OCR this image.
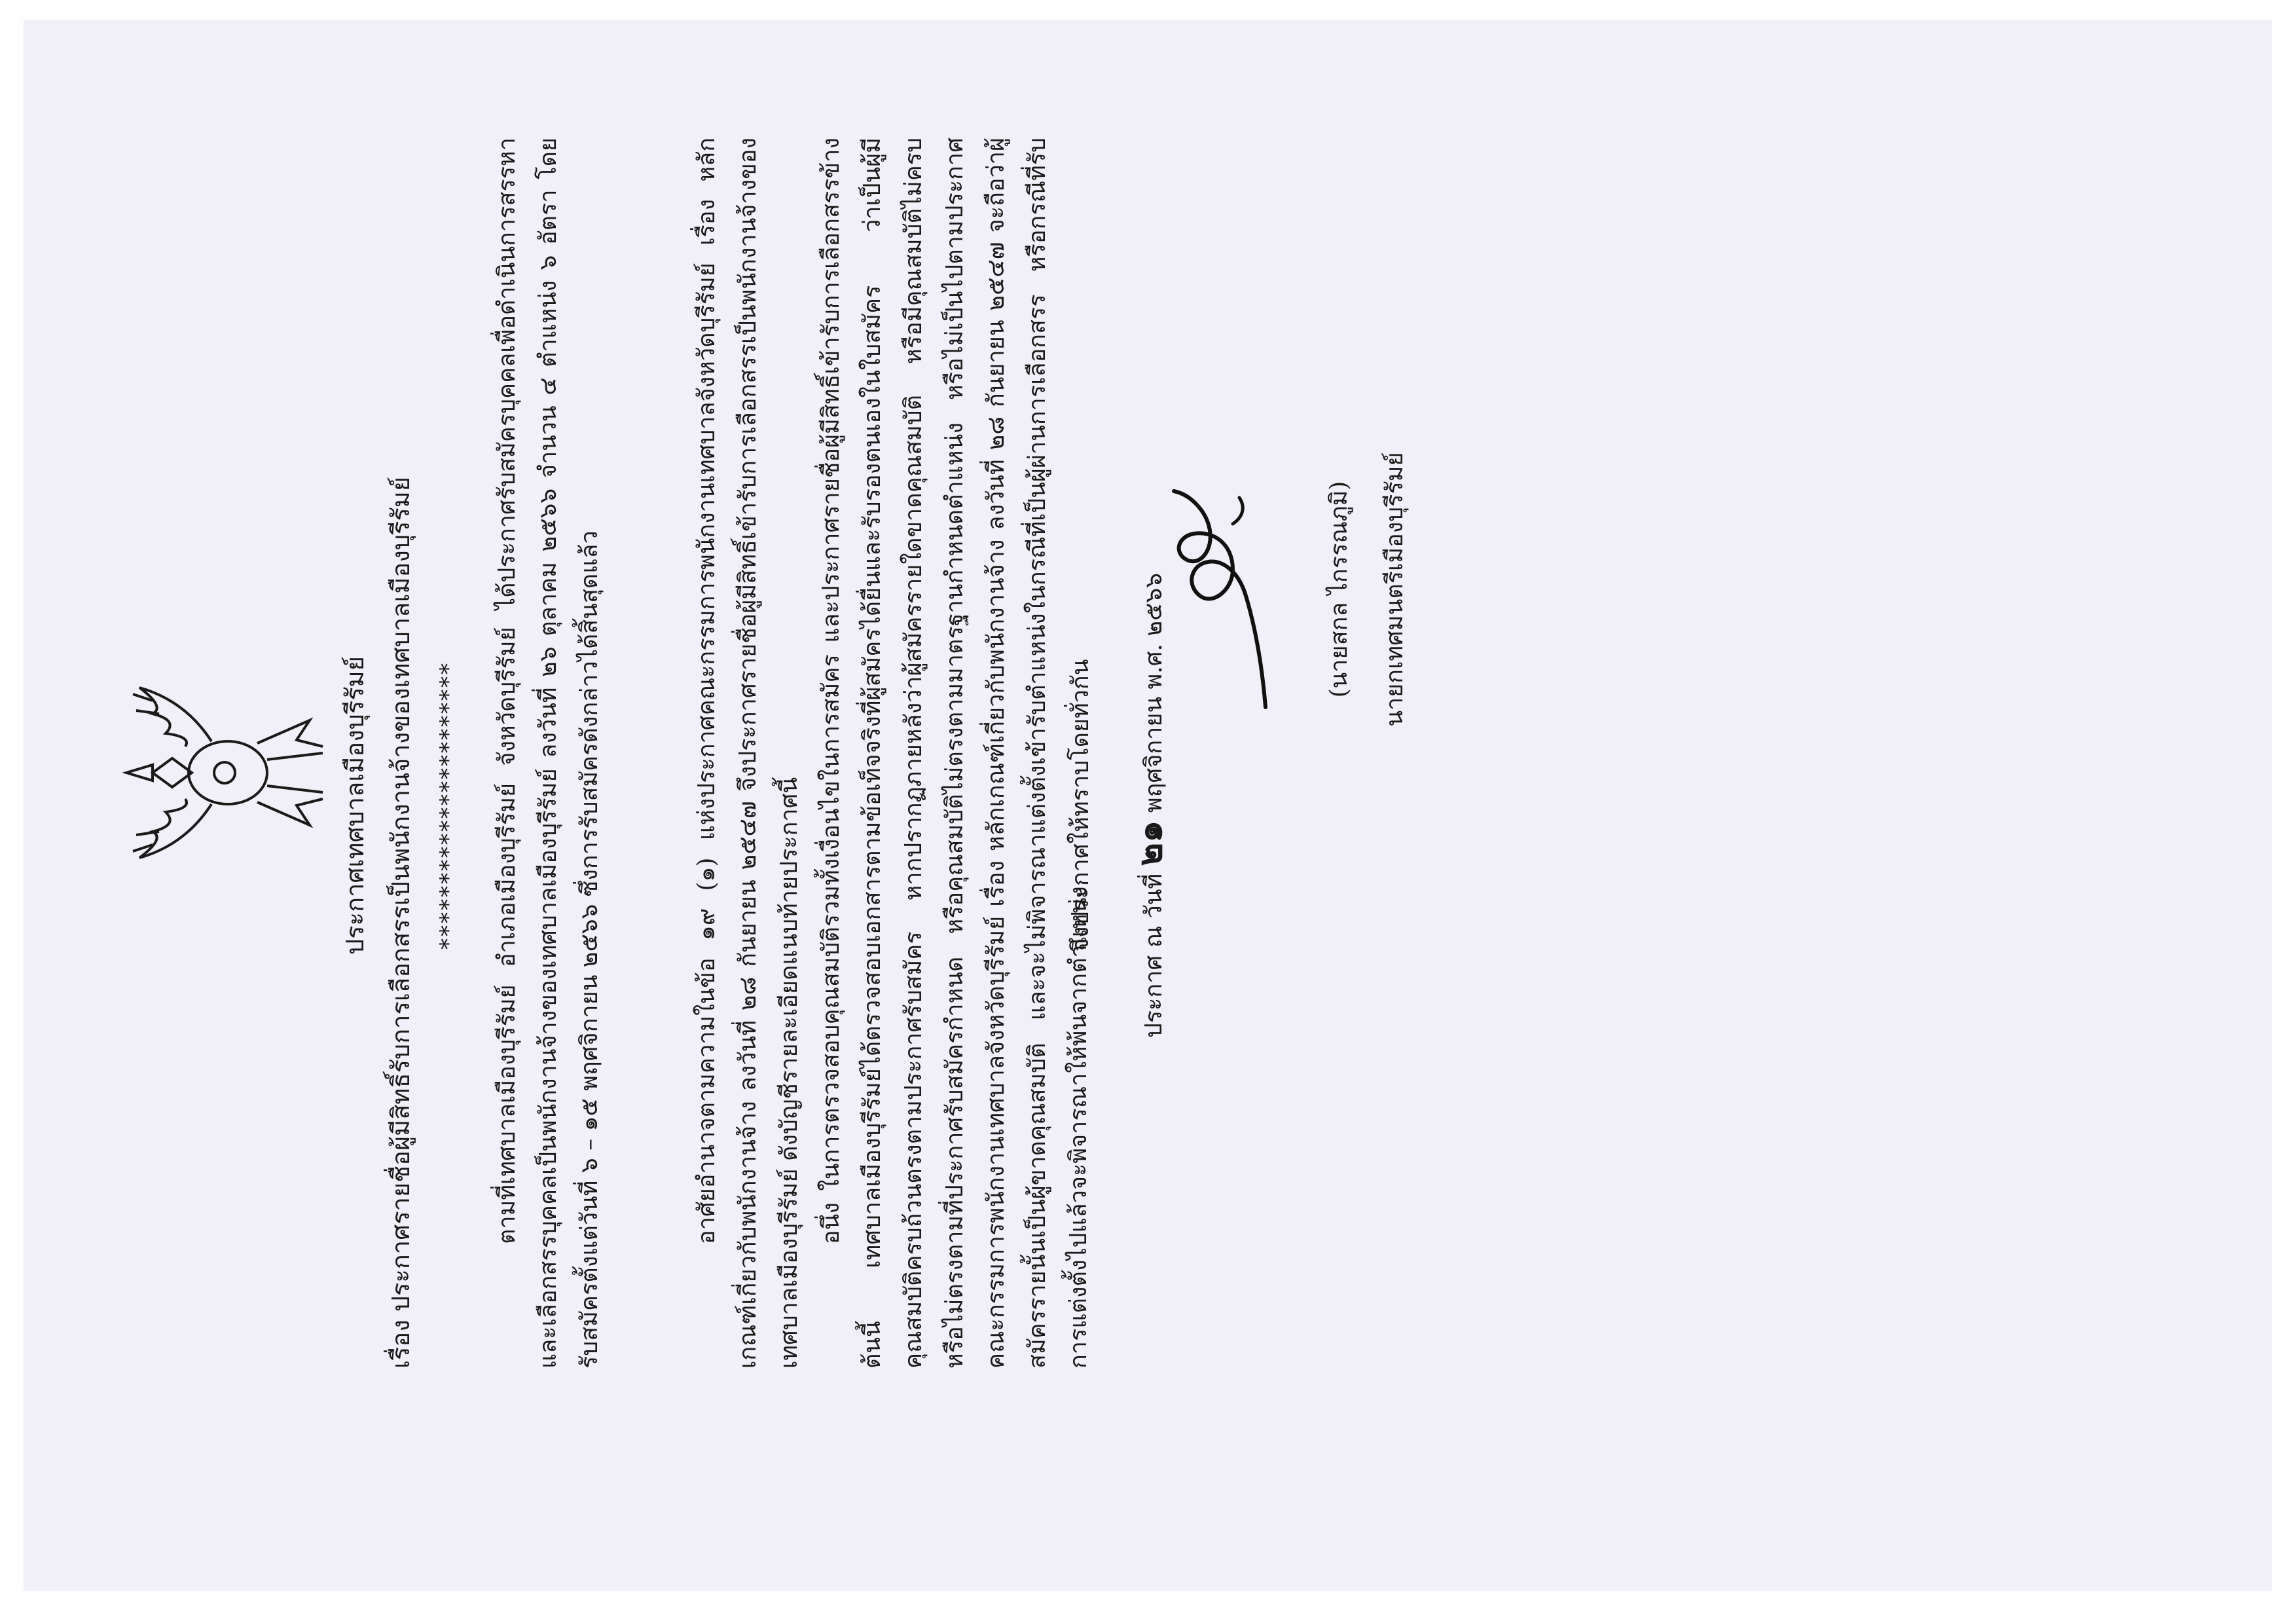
ประกาศเทศบาลเมืองบุรีรัมย์ เรื่อง ประกาศรายชื่อผู้มีสิทธิ์รับการเลือกสรรเป็นพนักงานจ้างของเทศบาลเมืองบุรีรัมย์ **********************	ตามที่เทศบาลเมืองบุรีรัมย์ อำเภอเมืองบุรีรัมย์ จังหวัดบุรีรัมย์ ได้ประกาศรับสมัครบุคคลเพื่อดำเนินการสรรหาและเลือกสรรบุคคลเป็นพนักงานจ้างของเทศบาลเมืองบุรีรัมย์ ลงวันที่ ๒๖ ตุลาคม ๒๕๖๖ จำนวน ๔ ตำแหน่ง ๖ อัตรา โดยรับสมัครตั้งแต่วันที่ ๖ – ๑๕ พฤศจิกายน ๒๕๖๖ ซึ่งการรับสมัครดังกล่าวได้สิ้นสุดแล้ว	อาศัยอำนาจตามความในข้อ ๑๙ (๑) แห่งประกาศคณะกรรมการพนักงานเทศบาลจังหวัดบุรีรัมย์ เรื่อง หลักเกณฑ์เกี่ยวกับพนักงานจ้าง ลงวันที่ ๒๘ กันยายน ๒๕๔๗ จึงประกาศรายชื่อผู้มีสิทธิ์เข้ารับการเลือกสรรเป็นพนักงานจ้างของเทศบาลเมืองบุรีรัมย์ ดังบัญชีรายละเอียดแนบท้ายประกาศนี้ อนึ่ง ในการตรวจสอบคุณสมบัติรวมทั้งเงื่อนไขในการสมัคร และประกาศรายชื่อผู้มีสิทธิ์เข้ารับการเลือกสรรข้างต้นนี้ เทศบาลเมืองบุรีรัมย์ได้ตรวจสอบเอกสารตามข้อเท็จจริงที่ผู้สมัครได้ยื่นและรับรองตนเองในใบสมัคร ว่าเป็นผู้มีคุณสมบัติครบถ้วนตรงตามประกาศรับสมัคร หากปรากฏภายหลังว่าผู้สมัครรายใดขาดคุณสมบัติ หรือมีคุณสมบัติไม่ครบ หรือไม่ตรงตามที่ประกาศรับสมัครกำหนด หรือคุณสมบัติไม่ตรงตามมาตรฐานกำหนดตำแหน่ง หรือไม่เป็นไปตามประกาศคณะกรรมการพนักงานเทศบาลจังหวัดบุรีรัมย์ เรื่อง หลักเกณฑ์เกี่ยวกับพนักงานจ้าง ลงวันที่ ๒๘ กันยายน ๒๕๔๗ จะถือว่าผู้สมัครรายนั้นเป็นผู้ขาดคุณสมบัติ และจะไม่พิจารณาแต่งตั้งเข้ารับตำแหน่งในกรณีที่เป็นผู้ผ่านการเลือกสรร หรือกรณีที่รับการแต่งตั้งไปแล้วจะพิจารณาให้พ้นจากตำแหน่ง

จึงประกาศให้ทราบโดยทั่วกัน
ประกาศ ณ วันที่ ๒๑ พฤศจิกายน พ.ศ. ๒๕๖๖	(นายสกล ไกรรณภูมิ) นายกเทศมนตรีเมืองบุรีรัมย์
